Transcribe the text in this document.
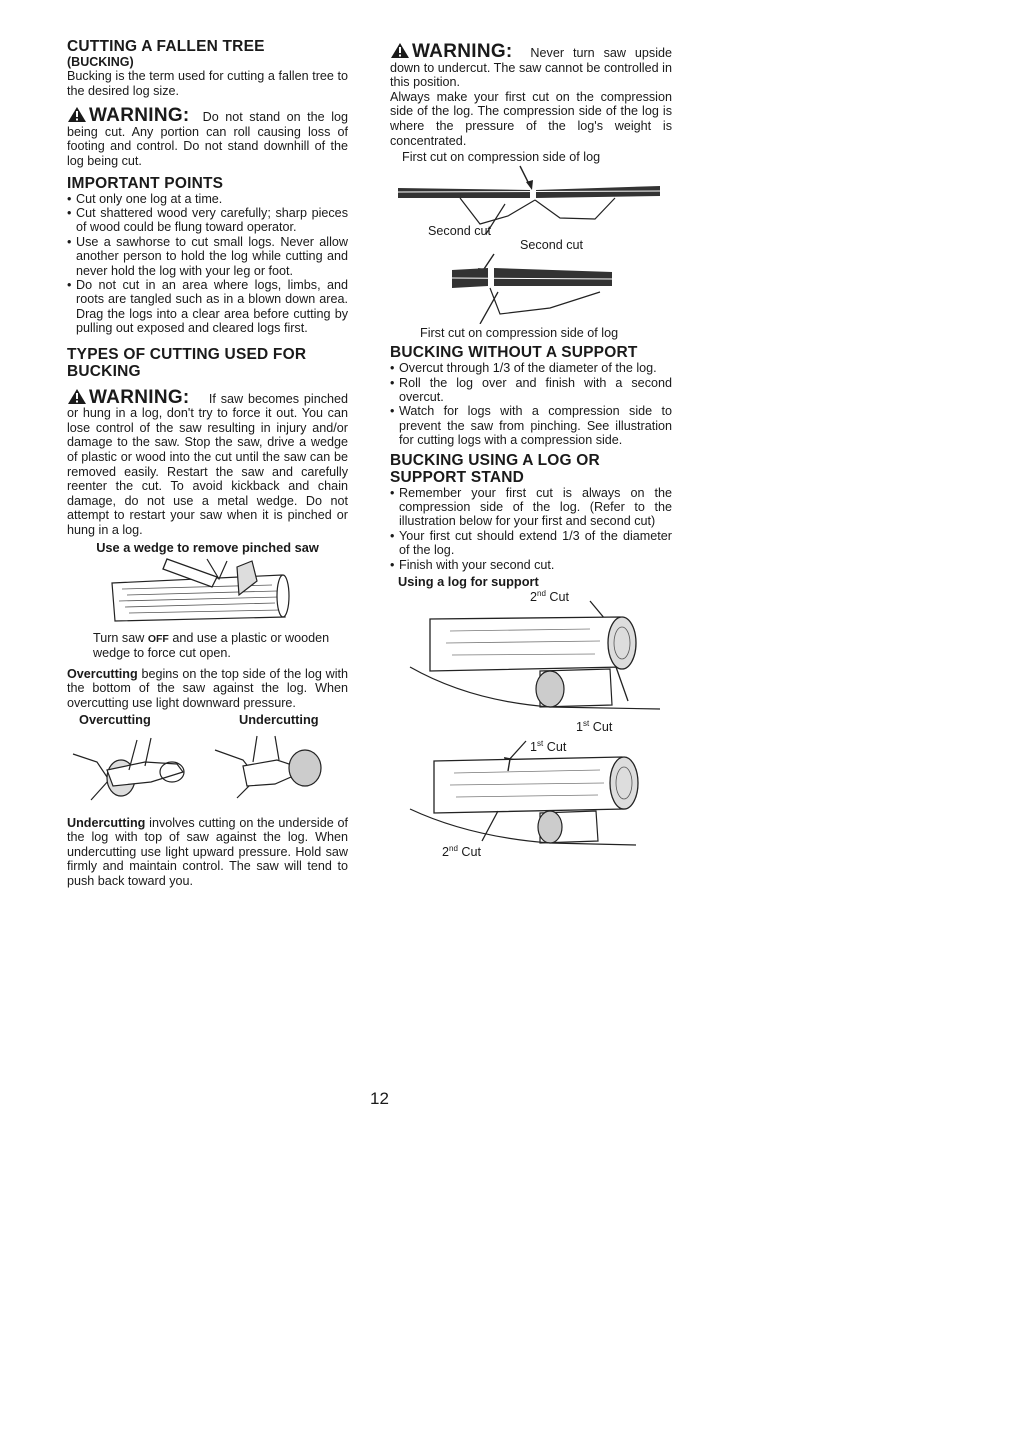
CUTTING A FALLEN TREE
(BUCKING)

Bucking is the term used for cutting a fallen tree to the desired log size.

WARNING: Do not stand on the log being cut. Any portion can roll causing loss of footing and control. Do not stand downhill of the log being cut.

IMPORTANT POINTS
• Cut only one log at a time.
• Cut shattered wood very carefully; sharp pieces of wood could be flung toward operator.
• Use a sawhorse to cut small logs. Never allow another person to hold the log while cutting and never hold the log with your leg or foot.
• Do not cut in an area where logs, limbs, and roots are tangled such as in a blown down area. Drag the logs into a clear area before cutting by pulling out exposed and cleared logs first.
TYPES OF CUTTING USED FOR BUCKING

WARNING: If saw becomes pinched or hung in a log, don't try to force it out. You can lose control of the saw resulting in injury and/or damage to the saw. Stop the saw, drive a wedge of plastic or wood into the cut until the saw can be removed easily. Restart the saw and carefully reenter the cut. To avoid kickback and chain damage, do not use a metal wedge. Do not attempt to restart your saw when it is pinched or hung in a log.

Use a wedge to remove pinched saw

Turn saw OFF and use a plastic or wooden wedge to force cut open.

Overcutting begins on the top side of the log with the bottom of the saw against the log. When overcutting use light downward pressure.

Overcutting	Undercutting

Undercutting involves cutting on the underside of the log with top of saw against the log. When undercutting use light upward pressure. Hold saw firmly and maintain control. The saw will tend to push back toward you.

WARNING: Never turn saw upside down to undercut. The saw cannot be controlled in this position.

Always make your first cut on the compression side of the log. The compression side of the log is where the pressure of the log's weight is concentrated.

First cut on compression side of log
Second cut
Second cut
First cut on compression side of log
BUCKING WITHOUT A SUPPORT
• Overcut through 1/3 of the diameter of the log.
• Roll the log over and finish with a second overcut.
• Watch for logs with a compression side to prevent the saw from pinching. See illustration for cutting logs with a compression side.
BUCKING USING A LOG OR SUPPORT STAND
• Remember your first cut is always on the compression side of the log. (Refer to the illustration below for your first and second cut)
• Your first cut should extend 1/3 of the diameter of the log.
• Finish with your second cut.
Using a log for support
2nd Cut
1st Cut
1st Cut
2nd Cut
12
